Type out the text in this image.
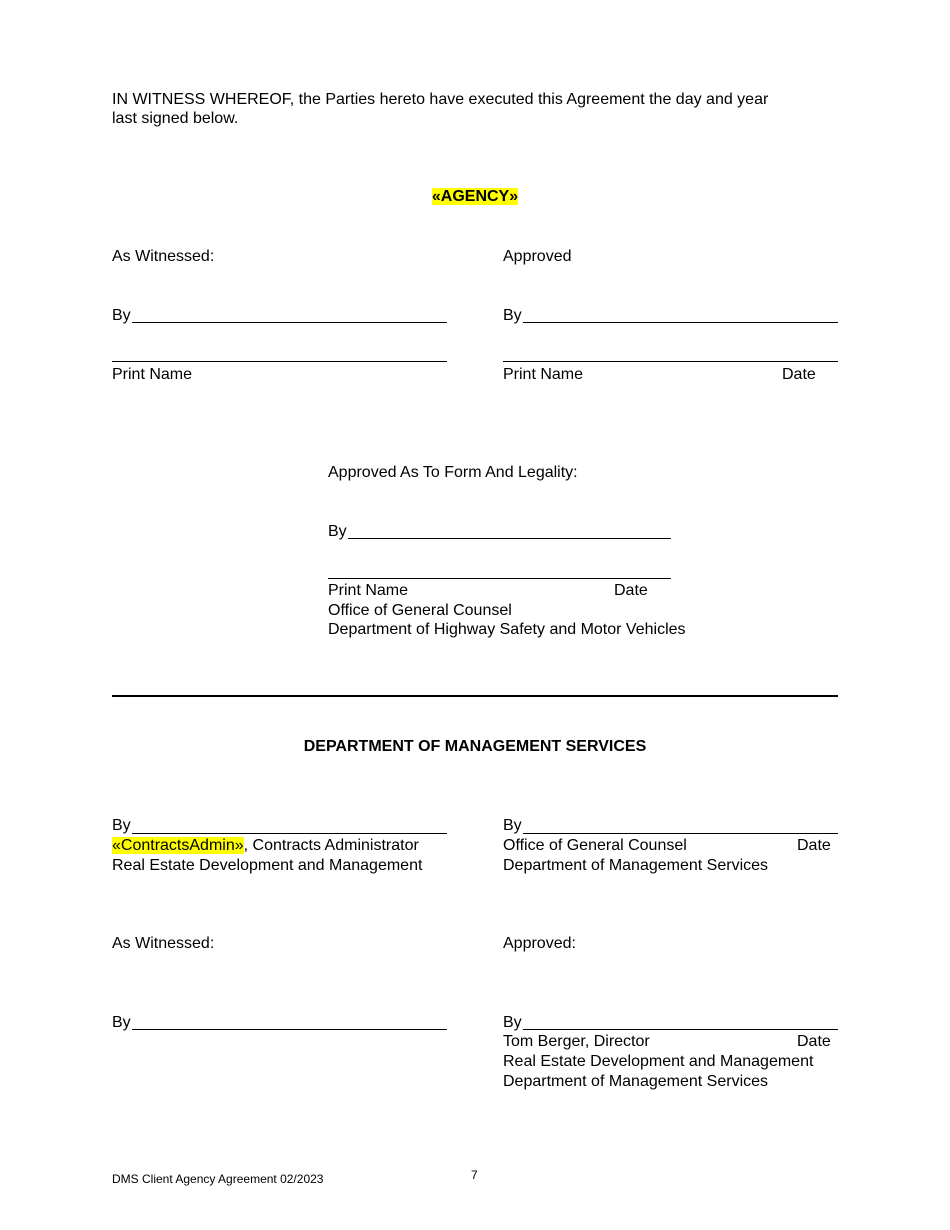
IN WITNESS WHEREOF, the Parties hereto have executed this Agreement the day and year
last signed below.
«AGENCY»
As Witnessed:
By
Print Name
Approved
By
Print Name	Date
Approved As To Form And Legality:
By
Print Name	Date
Office of General Counsel
Department of Highway Safety and Motor Vehicles
DEPARTMENT OF MANAGEMENT SERVICES
By
«ContractsAdmin», Contracts Administrator
Real Estate Development and Management
By
Office of General Counsel	Date
Department of Management Services
As Witnessed:	Approved:
By	By
Tom Berger, Director	Date
Real Estate Development and Management
Department of Management Services
DMS Client Agency Agreement 02/2023	7
